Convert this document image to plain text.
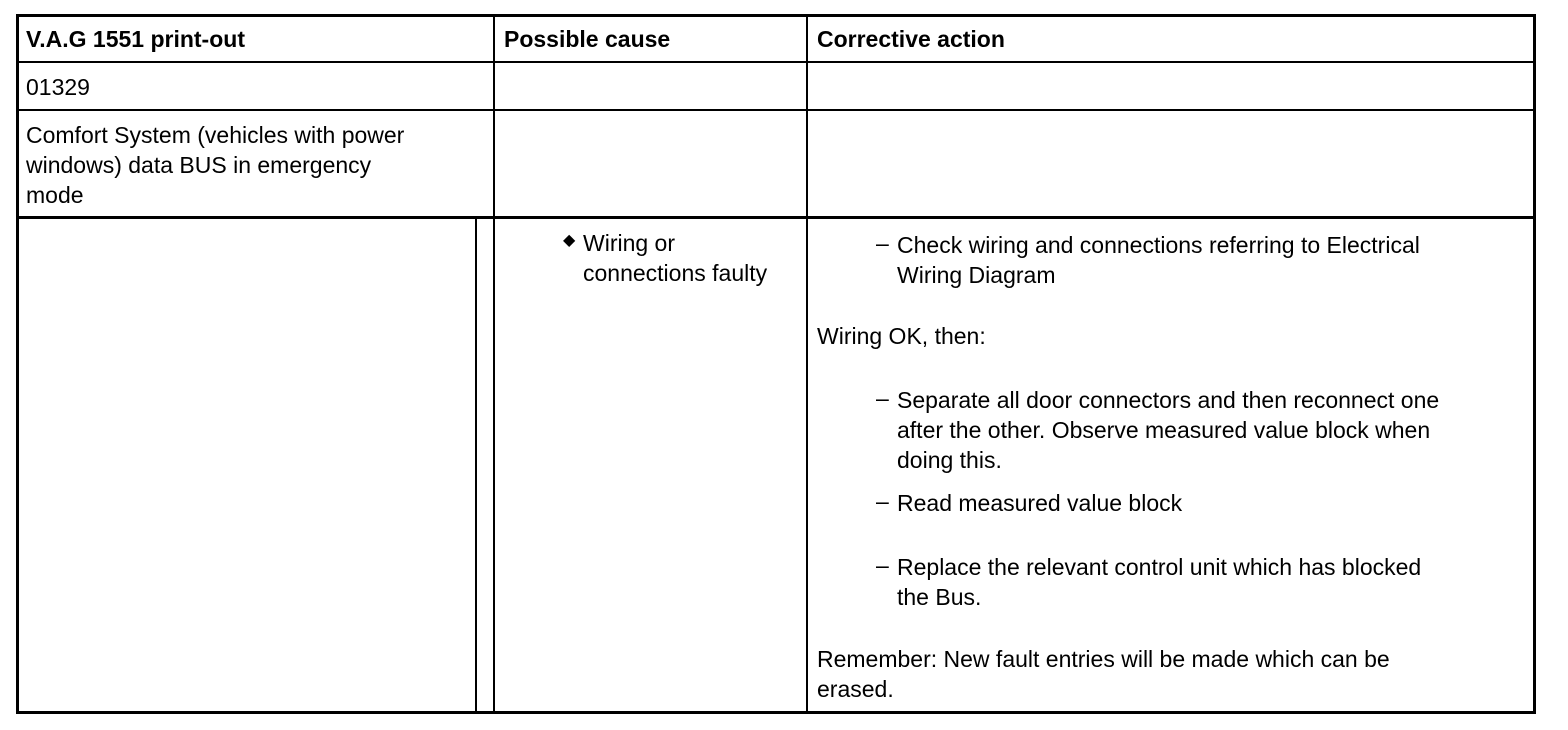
V.A.G 1551 print-out	Possible cause	Corrective action
01329
Comfort System (vehicles with power
windows) data BUS in emergency
mode
◆ Wiring or
connections faulty
– Check wiring and connections referring to Electrical
Wiring Diagram
Wiring OK, then:
– Separate all door connectors and then reconnect one
after the other. Observe measured value block when
doing this.
– Read measured value block
– Replace the relevant control unit which has blocked
the Bus.
Remember: New fault entries will be made which can be
erased.
